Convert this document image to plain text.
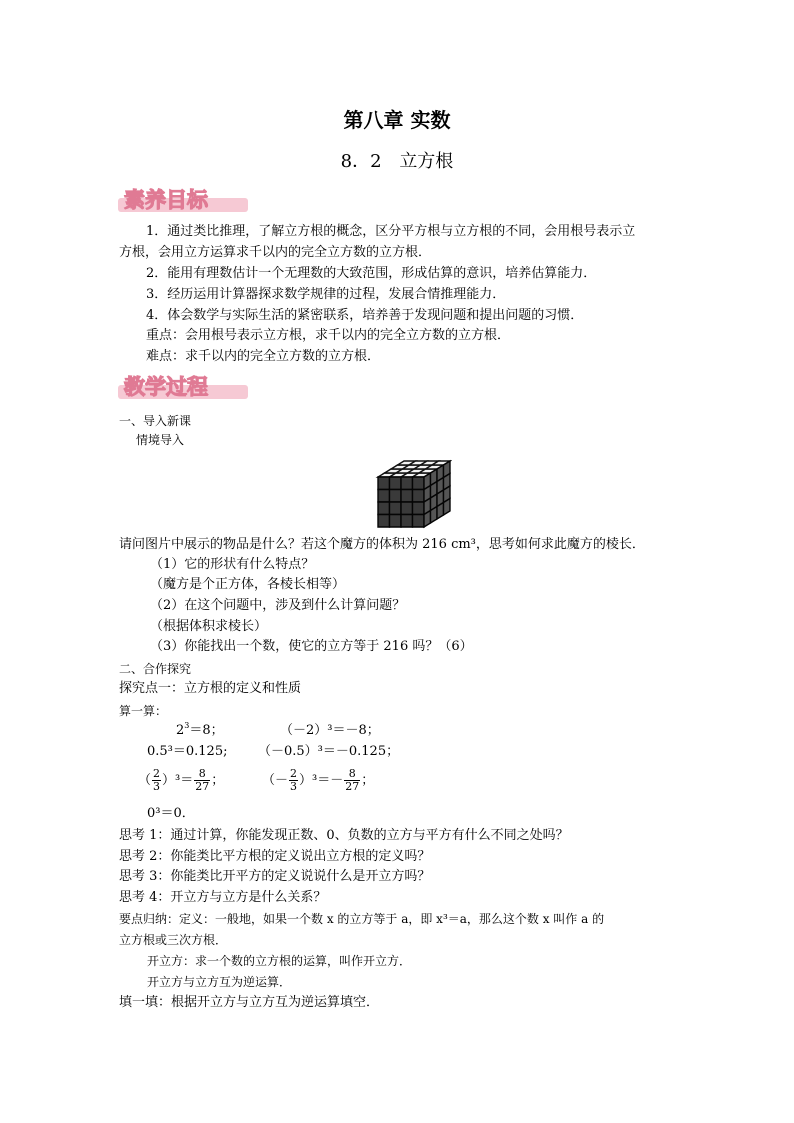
第八章 实数
8．2 立方根
素养目标
1．通过类比推理，了解立方根的概念，区分平方根与立方根的不同，会用根号表示立
方根，会用立方运算求千以内的完全立方数的立方根．
2．能用有理数估计一个无理数的大致范围，形成估算的意识，培养估算能力．
3．经历运用计算器探求数学规律的过程，发展合情推理能力．
4．体会数学与实际生活的紧密联系，培养善于发现问题和提出问题的习惯．
重点：会用根号表示立方根，求千以内的完全立方数的立方根．
难点：求千以内的完全立方数的立方根．
教学过程
一、导入新课
情境导入
请问图片中展示的物品是什么？若这个魔方的体积为 216 cm³，思考如何求此魔方的棱长．
（1）它的形状有什么特点？
（魔方是个正方体，各棱长相等）
（2）在这个问题中，涉及到什么计算问题？
（根据体积求棱长）
（3）你能找出一个数，使它的立方等于 216 吗？（6）
二、合作探究
探究点一：立方根的定义和性质
算一算：
$2^3=8$；	（－2）³＝－8；
0.5³＝0.125; （－0.5）³＝－0.125；
（ $\frac{2}{3} )^3= \frac{8}{27}$ ；	（－ $\frac{2}{3} )^3=- \frac{8}{27}$ ；
0³＝0．
思考 1：通过计算，你能发现正数、0、负数的立方与平方有什么不同之处吗？
思考 2：你能类比平方根的定义说出立方根的定义吗？
思考 3：你能类比开平方的定义说说什么是开立方吗？
思考 4：开立方与立方是什么关系？
要点归纳：定义：一般地，如果一个数 x 的立方等于 a，即 x³＝a，那么这个数 x 叫作 a 的
立方根或三次方根．
开立方：求一个数的立方根的运算，叫作开立方．
开立方与立方互为逆运算．
填一填：根据开立方与立方互为逆运算填空．
